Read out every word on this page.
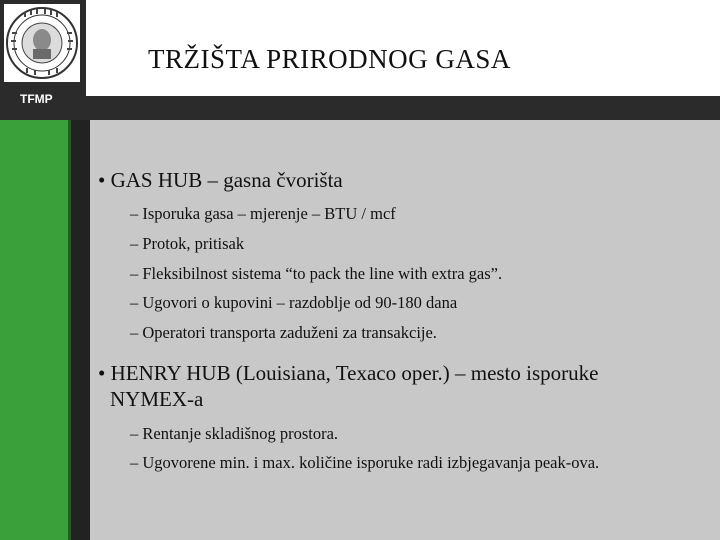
TFMP
TRŽIŠTA PRIRODNOG GASA
• GAS HUB – gasna čvorišta
– Isporuka gasa – mjerenje – BTU / mcf
– Protok, pritisak
– Fleksibilnost sistema “to pack the line with extra gas”.
– Ugovori o kupovini – razdoblje od 90-180 dana
– Operatori transporta zaduženi za transakcije.
• HENRY HUB (Louisiana, Texaco oper.) – mesto isporuke
NYMEX-a
– Rentanje skladišnog prostora.
– Ugovorene min. i max. količine isporuke radi izbjegavanja peak-ova.
